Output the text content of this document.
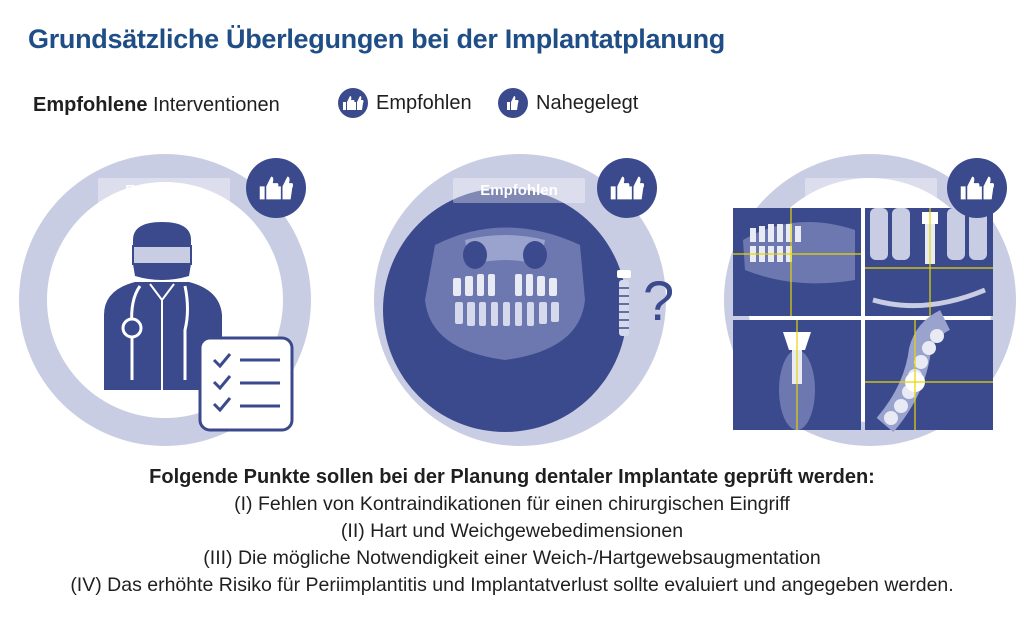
Grundsätzliche Überlegungen bei der Implantatplanung
Empfohlene Interventionen	Empfohlen	Nahegelegt
Empfohlen
?
Empfohlen	Empfohlen
Folgende Punkte sollen bei der Planung dentaler Implantate geprüft werden:
(I) Fehlen von Kontraindikationen für einen chirurgischen Eingriff
(II) Hart und Weichgewebedimensionen
(III) Die mögliche Notwendigkeit einer Weich-/Hartgewebsaugmentation
(IV) Das erhöhte Risiko für Periimplantitis und Implantatverlust sollte evaluiert und angegeben werden.
